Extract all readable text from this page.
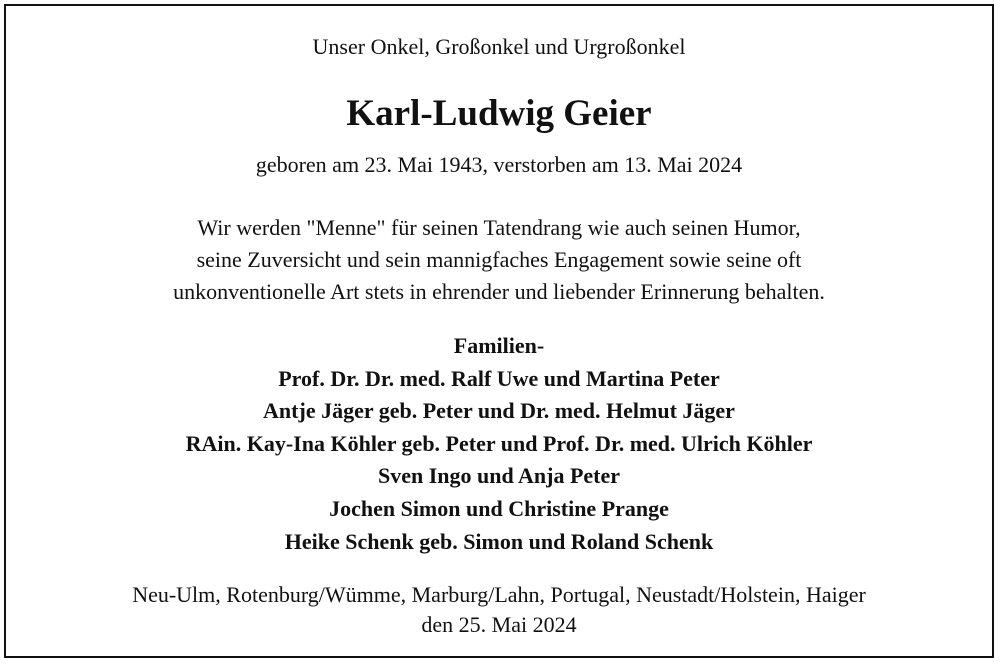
Unser Onkel, Großonkel und Urgroßonkel
Karl-Ludwig Geier
geboren am 23. Mai 1943, verstorben am 13. Mai 2024
Wir werden "Menne" für seinen Tatendrang wie auch seinen Humor,
seine Zuversicht und sein mannigfaches Engagement sowie seine oft
unkonventionelle Art stets in ehrender und liebender Erinnerung behalten.
Familien-
Prof. Dr. Dr. med. Ralf Uwe und Martina Peter
Antje Jäger geb. Peter und Dr. med. Helmut Jäger
RAin. Kay-Ina Köhler geb. Peter und Prof. Dr. med. Ulrich Köhler
Sven Ingo und Anja Peter
Jochen Simon und Christine Prange
Heike Schenk geb. Simon und Roland Schenk
Neu-Ulm, Rotenburg/Wümme, Marburg/Lahn, Portugal, Neustadt/Holstein, Haiger
den 25. Mai 2024
